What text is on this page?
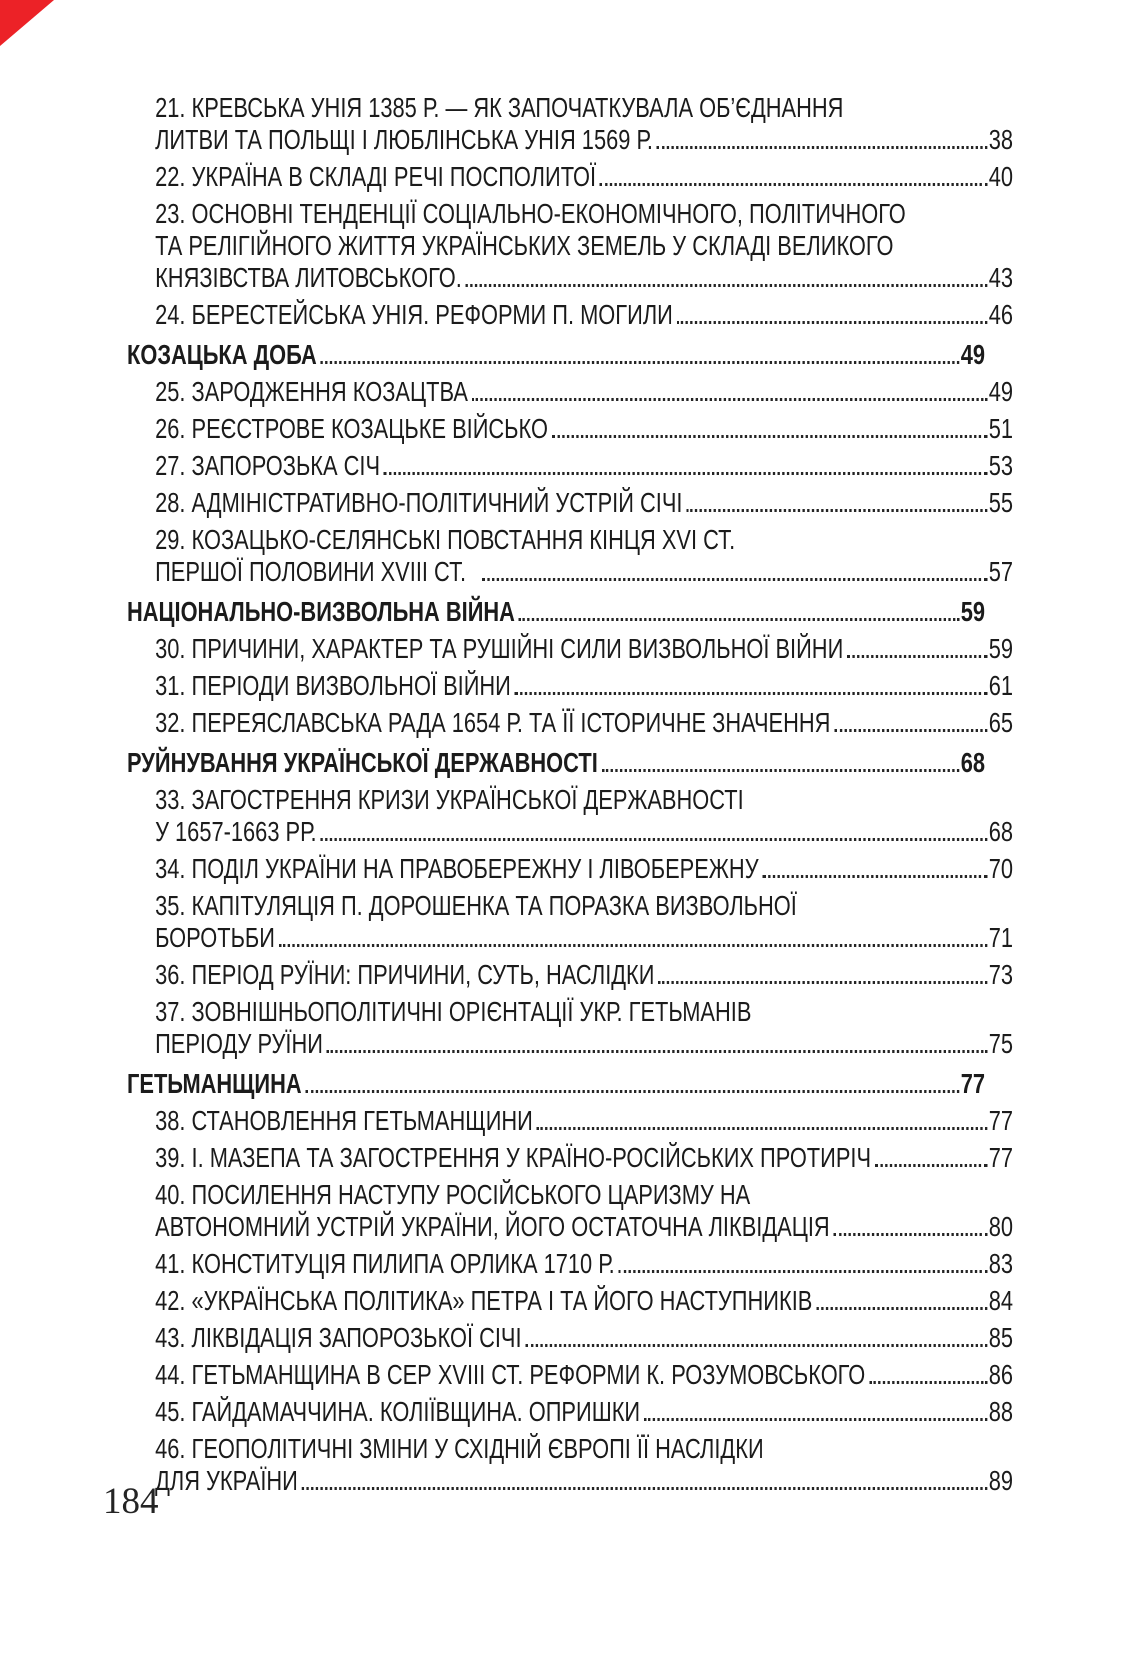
21. КРЕВСЬКА УНІЯ 1385 Р. — ЯК ЗАПОЧАТКУВАЛА ОБ’ЄДНАННЯ
ЛИТВИ ТА ПОЛЬЩІ І ЛЮБЛІНСЬКА УНІЯ 1569 Р.	38
22. УКРАЇНА В СКЛАДІ РЕЧІ ПОСПОЛИТОЇ	40
23. ОСНОВНІ ТЕНДЕНЦІЇ СОЦІАЛЬНО-ЕКОНОМІЧНОГО, ПОЛІТИЧНОГО
ТА РЕЛІГІЙНОГО ЖИТТЯ УКРАЇНСЬКИХ ЗЕМЕЛЬ У СКЛАДІ ВЕЛИКОГО
КНЯЗІВСТВА ЛИТОВСЬКОГО.	43
24. БЕРЕСТЕЙСЬКА УНІЯ. РЕФОРМИ П. МОГИЛИ	46
КОЗАЦЬКА ДОБА	49
25. ЗАРОДЖЕННЯ КОЗАЦТВА	49
26. РЕЄСТРОВЕ КОЗАЦЬКЕ ВІЙСЬКО	51
27. ЗАПОРОЗЬКА СІЧ	53
28. АДМІНІСТРАТИВНО-ПОЛІТИЧНИЙ УСТРІЙ СІЧІ	55
29. КОЗАЦЬКО-СЕЛЯНСЬКІ ПОВСТАННЯ КІНЦЯ XVI СТ.
ПЕРШОЇ ПОЛОВИНИ XVIII СТ.	57
НАЦІОНАЛЬНО-ВИЗВОЛЬНА ВІЙНА	59
30. ПРИЧИНИ, ХАРАКТЕР ТА РУШІЙНІ СИЛИ ВИЗВОЛЬНОЇ ВІЙНИ	59
31. ПЕРІОДИ ВИЗВОЛЬНОЇ ВІЙНИ	61
32. ПЕРЕЯСЛАВСЬКА РАДА 1654 Р. ТА ЇЇ ІСТОРИЧНЕ ЗНАЧЕННЯ	65
РУЙНУВАННЯ УКРАЇНСЬКОЇ ДЕРЖАВНОСТІ	68
33. ЗАГОСТРЕННЯ КРИЗИ УКРАЇНСЬКОЇ ДЕРЖАВНОСТІ
У 1657-1663 РР.	68
34. ПОДІЛ УКРАЇНИ НА ПРАВОБЕРЕЖНУ І ЛІВОБЕРЕЖНУ	70
35. КАПІТУЛЯЦІЯ П. ДОРОШЕНКА ТА ПОРАЗКА ВИЗВОЛЬНОЇ
БОРОТЬБИ	71
36. ПЕРІОД РУЇНИ: ПРИЧИНИ, СУТЬ, НАСЛІДКИ	73
37. ЗОВНІШНЬОПОЛІТИЧНІ ОРІЄНТАЦІЇ УКР. ГЕТЬМАНІВ
ПЕРІОДУ РУЇНИ	75
ГЕТЬМАНЩИНА	77
38. СТАНОВЛЕННЯ ГЕТЬМАНЩИНИ	77
39. І. МАЗЕПА ТА ЗАГОСТРЕННЯ У КРАЇНО-РОСІЙСЬКИХ ПРОТИРІЧ	77
40. ПОСИЛЕННЯ НАСТУПУ РОСІЙСЬКОГО ЦАРИЗМУ НА
АВТОНОМНИЙ УСТРІЙ УКРАЇНИ, ЙОГО ОСТАТОЧНА ЛІКВІДАЦІЯ	80
41. КОНСТИТУЦІЯ ПИЛИПА ОРЛИКА 1710 Р.	83
42. «УКРАЇНСЬКА ПОЛІТИКА» ПЕТРА І ТА ЙОГО НАСТУПНИКІВ	84
43. ЛІКВІДАЦІЯ ЗАПОРОЗЬКОЇ СІЧІ	85
44. ГЕТЬМАНЩИНА В СЕР XVIII СТ. РЕФОРМИ К. РОЗУМОВСЬКОГО	86
45. ГАЙДАМАЧЧИНА. КОЛІЇВЩИНА. ОПРИШКИ	88
46. ГЕОПОЛІТИЧНІ ЗМІНИ У СХІДНІЙ ЄВРОПІ ЇЇ НАСЛІДКИ
ДЛЯ УКРАЇНИ	89
184
